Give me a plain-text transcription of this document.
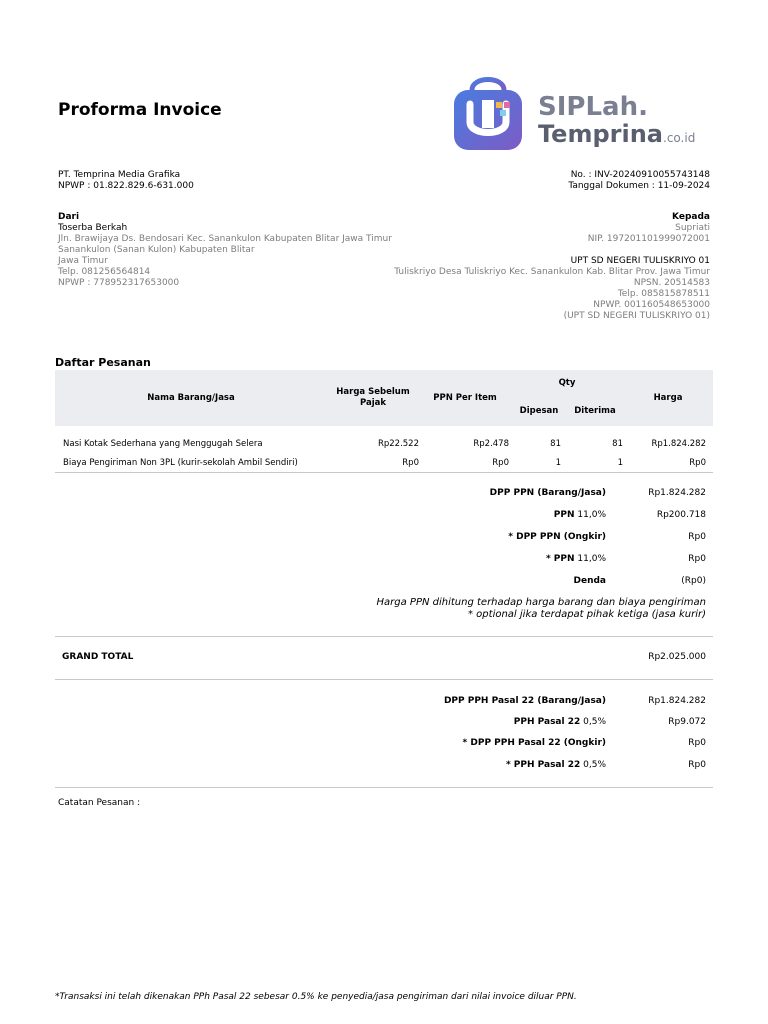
Proforma Invoice	SIPLah.
Temprina.co.id
PT. Temprina Media Grafika
NPWP : 01.822.829.6-631.000
No. : INV-20240910055743148
Tanggal Dokumen : 11-09-2024
Dari
Toserba Berkah
Jln. Brawijaya Ds. Bendosari Kec. Sanankulon Kabupaten Blitar Jawa Timur
Sanankulon (Sanan Kulon) Kabupaten Blitar
Jawa Timur
Telp. 081256564814
NPWP : 778952317653000
Kepada
Supriati
NIP. 197201101999072001
UPT SD NEGERI TULISKRIYO 01
Tuliskriyo Desa Tuliskriyo Kec. Sanankulon Kab. Blitar Prov. Jawa Timur
NPSN. 20514583
Telp. 085815878511
NPWP. 001160548653000
(UPT SD NEGERI TULISKRIYO 01)
Daftar Pesanan
Nama Barang/Jasa	Harga Sebelum
Pajak	PPN Per Item	Qty		Harga
			Dipesan	Diterima	

Nasi Kotak Sederhana yang Menggugah Selera	Rp22.522	Rp2.478	81	81	Rp1.824.282
Biaya Pengiriman Non 3PL (kurir-sekolah Ambil Sendiri)	Rp0	Rp0	1	1	Rp0
DPP PPN (Barang/Jasa)	Rp1.824.282
PPN 11,0%	Rp200.718
* DPP PPN (Ongkir)	Rp0
* PPN 11,0%	Rp0
Denda	(Rp0)
Harga PPN dihitung terhadap harga barang dan biaya pengiriman
* optional jika terdapat pihak ketiga (jasa kurir)
GRAND TOTAL	Rp2.025.000
DPP PPH Pasal 22 (Barang/Jasa)	Rp1.824.282
PPH Pasal 22 0,5%	Rp9.072
* DPP PPH Pasal 22 (Ongkir)	Rp0
* PPH Pasal 22 0,5%	Rp0
Catatan Pesanan :
*Transaksi ini telah dikenakan PPh Pasal 22 sebesar 0.5% ke penyedia/jasa pengiriman dari nilai invoice diluar PPN.
